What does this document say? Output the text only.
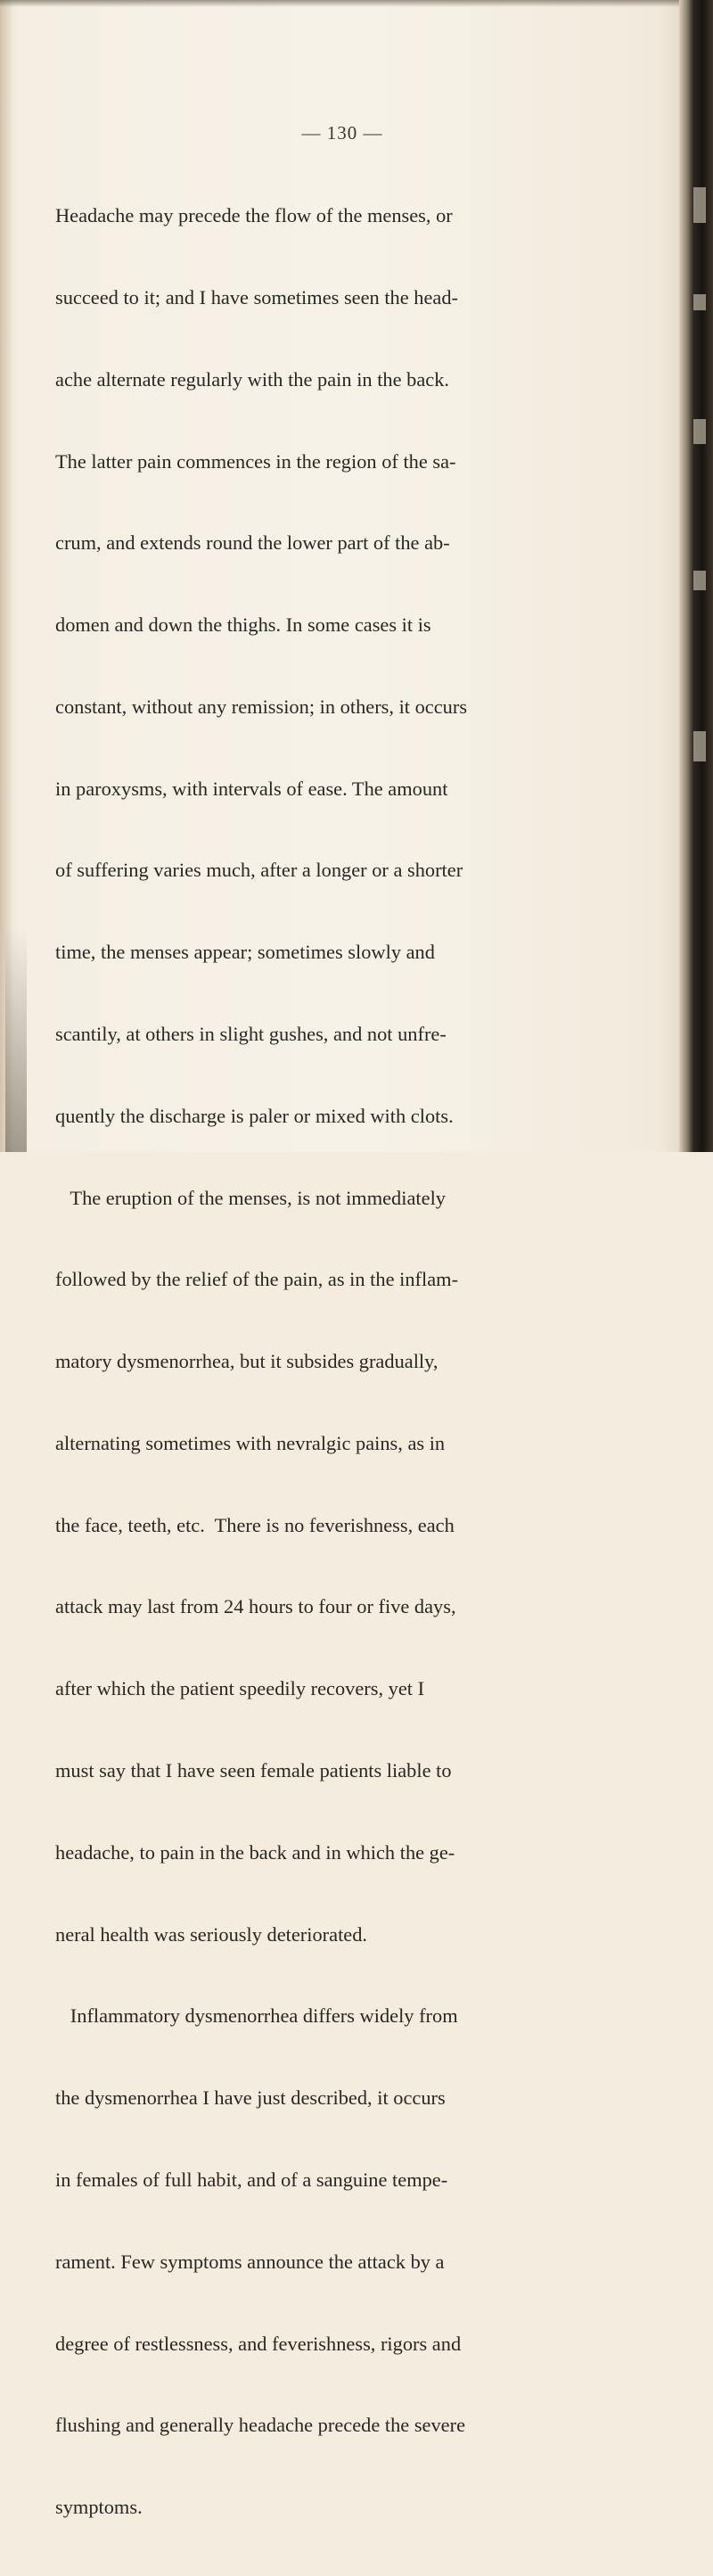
— 130 —

Headache may precede the flow of the menses, or

succeed to it; and I have sometimes seen the head-

ache alternate regularly with the pain in the back.

The latter pain commences in the region of the sa-

crum, and extends round the lower part of the ab-

domen and down the thighs. In some cases it is

constant, without any remission; in others, it occurs

in paroxysms, with intervals of ease. The amount

of suffering varies much, after a longer or a shorter

time, the menses appear; sometimes slowly and

scantily, at others in slight gushes, and not unfre-

quently the discharge is paler or mixed with clots.

The eruption of the menses, is not immediately

followed by the relief of the pain, as in the inflam-

matory dysmenorrhea, but it subsides gradually,

alternating sometimes with nevralgic pains, as in

the face, teeth, etc.  There is no feverishness, each

attack may last from 24 hours to four or five days,

after which the patient speedily recovers, yet I

must say that I have seen female patients liable to

headache, to pain in the back and in which the ge-

neral health was seriously deteriorated.

Inflammatory dysmenorrhea differs widely from

the dysmenorrhea I have just described, it occurs

in females of full habit, and of a sanguine tempe-

rament. Few symptoms announce the attack by a

degree of restlessness, and feverishness, rigors and

flushing and generally headache precede the severe

symptoms.
